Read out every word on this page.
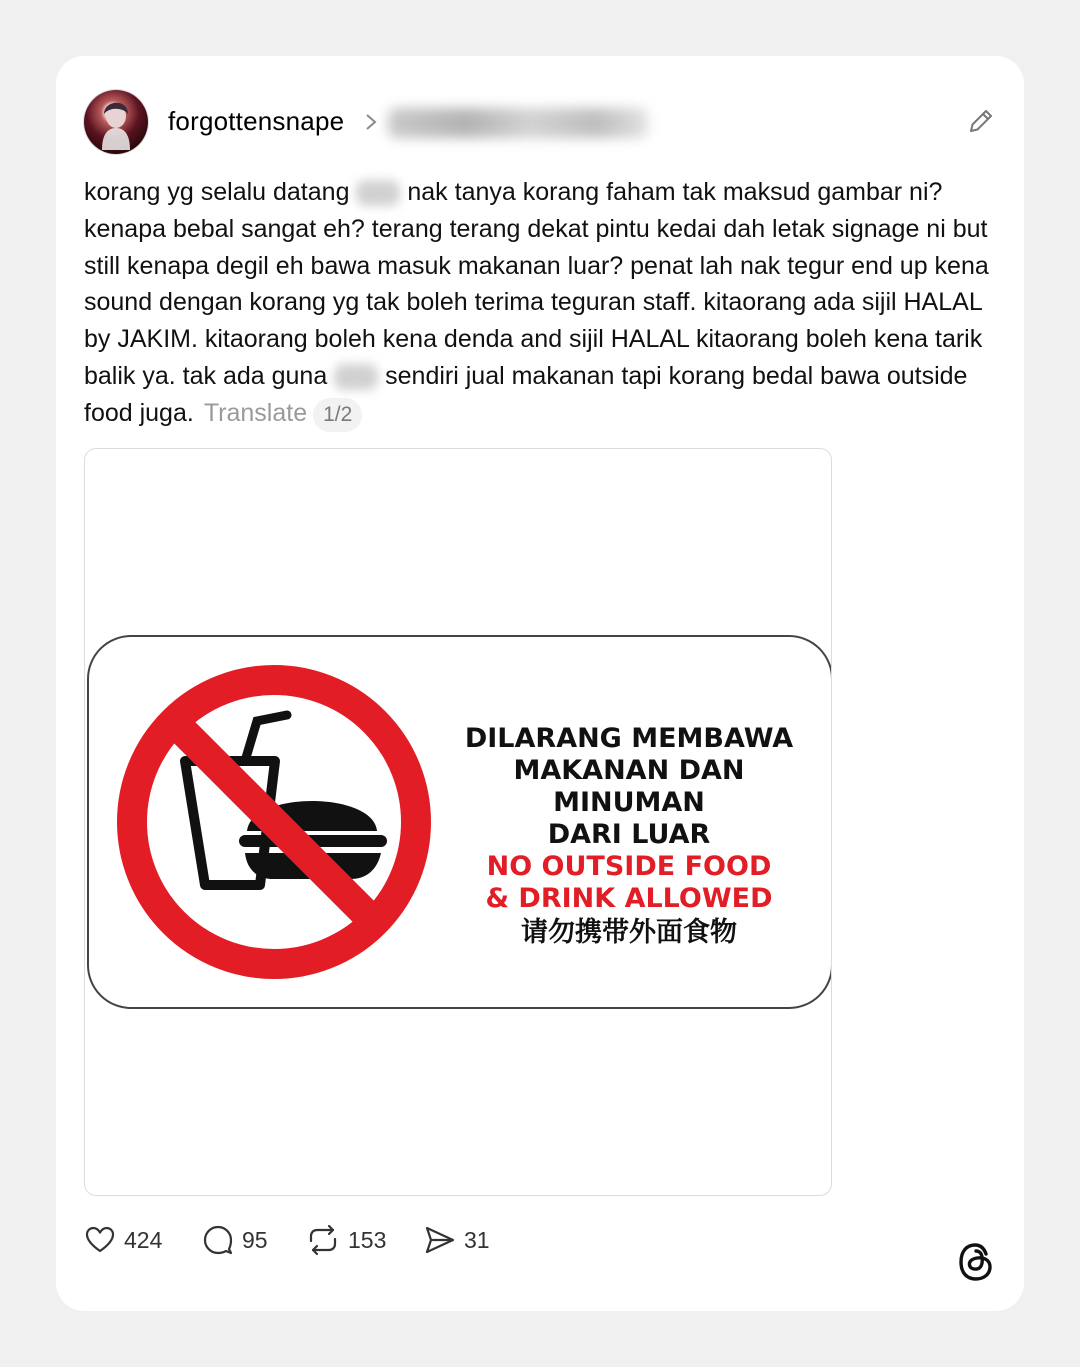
forgottensnape
korang yg selalu datang nak tanya korang faham tak maksud gambar ni? kenapa bebal sangat eh? terang terang dekat pintu kedai dah letak signage ni but still kenapa degil eh bawa masuk makanan luar? penat lah nak tegur end up kena sound dengan korang yg tak boleh terima teguran staff. kitaorang ada sijil HALAL by JAKIM. kitaorang boleh kena denda and sijil HALAL kitaorang boleh kena tarik balik ya. tak ada guna sendiri jual makanan tapi korang bedal bawa outside food juga. Translate 1/2
DILARANG MEMBAWA
MAKANAN DAN MINUMAN
DARI LUAR
NO OUTSIDE FOOD
& DRINK ALLOWED
请勿携带外面食物
424	95	153	31
